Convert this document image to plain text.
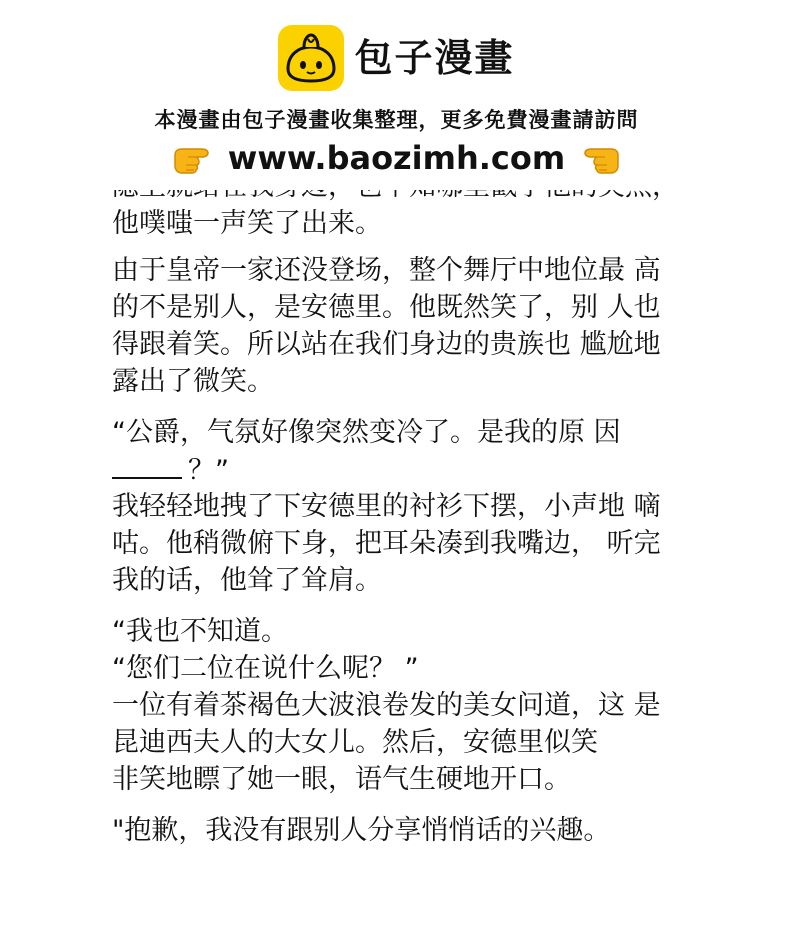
包子漫畫
本漫畫由包子漫畫收集整理，更多免費漫畫請訪問
www.baozimh.com
他噗嗤一声笑了出来。
由于皇帝一家还没登场，整个舞厅中地位最 高
的不是别人，是安德里。他既然笑了，别 人也
得跟着笑。所以站在我们身边的贵族也 尴尬地
露出了微笑。
“公爵，气氛好像突然变冷了。是我的原 因
？”
我轻轻地拽了下安德里的衬衫下摆，小声地 嘀
咕。他稍微俯下身，把耳朵凑到我嘴边， 听完
我的话，他耸了耸肩。
“我也不知道。
“您们二位在说什么呢？ ”
一位有着茶褐色大波浪卷发的美女问道，这 是
昆迪西夫人的大女儿。然后，安德里似笑
非笑地瞟了她一眼，语气生硬地开口。
"抱歉，我没有跟别人分享悄悄话的兴趣。
